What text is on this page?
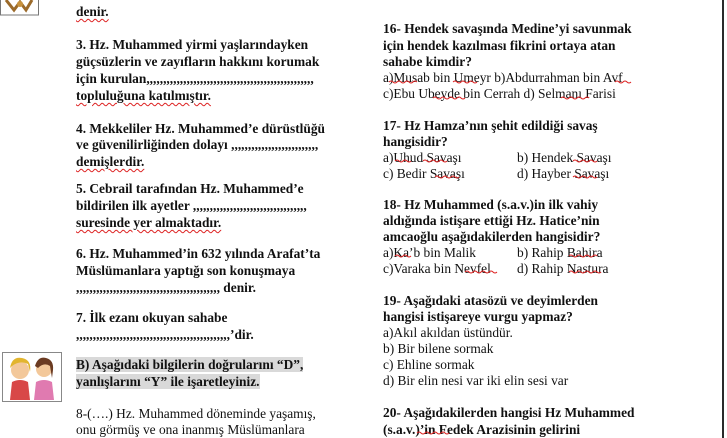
denir.
3. Hz. Muhammed yirmi yaşlarındayken
güçsüzlerin ve zayıfların hakkını korumak
için kurulan,,,,,,,,,,,,,,,,,,,,,,,,,,,,,,,,,,,,,,,,,,,,,,,,,,
topluluğuna katılmıştır.
4. Mekkeliler Hz. Muhammed’e dürüstlüğü
ve güvenilirliğinden dolayı ,,,,,,,,,,,,,,,,,,,,,,,,,,
demişlerdir.
5. Cebrail tarafından Hz. Muhammed’e
bildirilen ilk ayetler ,,,,,,,,,,,,,,,,,,,,,,,,,,,,,,,,,,
suresinde yer almaktadır.
6. Hz. Muhammed’in 632 yılında Arafat’ta
Müslümanlara yaptığı son konuşmaya
,,,,,,,,,,,,,,,,,,,,,,,,,,,,,,,,,,,,,,,,,,, denir.
7. İlk ezanı okuyan sahabe
,,,,,,,,,,,,,,,,,,,,,,,,,,,,,,,,,,,,,,,,,,,,,,’dir.
B) Aşağıdaki bilgilerin doğrularını “D”,
yanlışlarını “Y” ile işaretleyiniz.
8-(….) Hz. Muhammed döneminde yaşamış,
onu görmüş ve ona inanmış Müslümanlara
16- Hendek savaşında Medine’yi savunmak
için hendek kazılması fikrini ortaya atan
sahabe kimdir?
a)Musab bin Umeyr b)Abdurrahman bin Avf
c)Ebu Ubeyde bin Cerrah d) Selmanı Farisi
17- Hz Hamza’nın şehit edildiği savaş
hangisidir?
a)Uhud Savaşı	b) Hendek Savaşı
c) Bedir Savaşı	d) Hayber Savaşı
18- Hz Muhammed (s.a.v.)in ilk vahiy
aldığında istişare ettiği Hz. Hatice’nin
amcaoğlu aşağıdakilerden hangisidir?
a)Ka’b bin Malik	b) Rahip Bahira
c)Varaka bin Nevfel d) Rahip Nastura
19- Aşağıdaki atasözü ve deyimlerden
hangisi istişareye vurgu yapmaz?
a)Akıl akıldan üstündür.
b) Bir bilene sormak
c) Ehline sormak
d) Bir elin nesi var iki elin sesi var
20- Aşağıdakilerden hangisi Hz Muhammed
(s.a.v.)’in Fedek Arazisinin gelirini
